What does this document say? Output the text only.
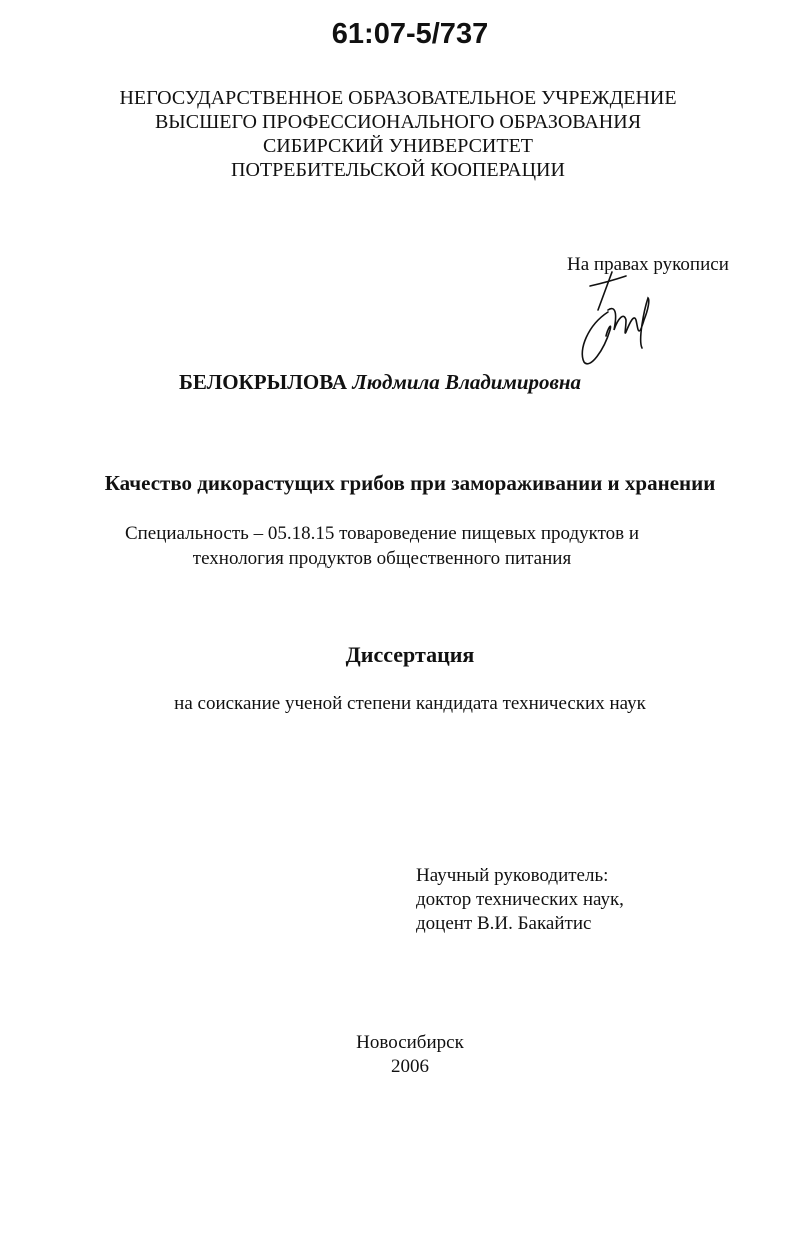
61:07-5/737
НЕГОСУДАРСТВЕННОЕ ОБРАЗОВАТЕЛЬНОЕ УЧРЕЖДЕНИЕ
ВЫСШЕГО ПРОФЕССИОНАЛЬНОГО ОБРАЗОВАНИЯ
СИБИРСКИЙ УНИВЕРСИТЕТ
ПОТРЕБИТЕЛЬСКОЙ КООПЕРАЦИИ
На правах рукописи
БЕЛОКРЫЛОВА Людмила Владимировна
Качество дикорастущих грибов при замораживании и хранении
Специальность – 05.18.15 товароведение пищевых продуктов и
технология продуктов общественного питания
Диссертация
на соискание ученой степени кандидата технических наук
Научный руководитель:
доктор технических наук,
доцент В.И. Бакайтис
Новосибирск
2006
